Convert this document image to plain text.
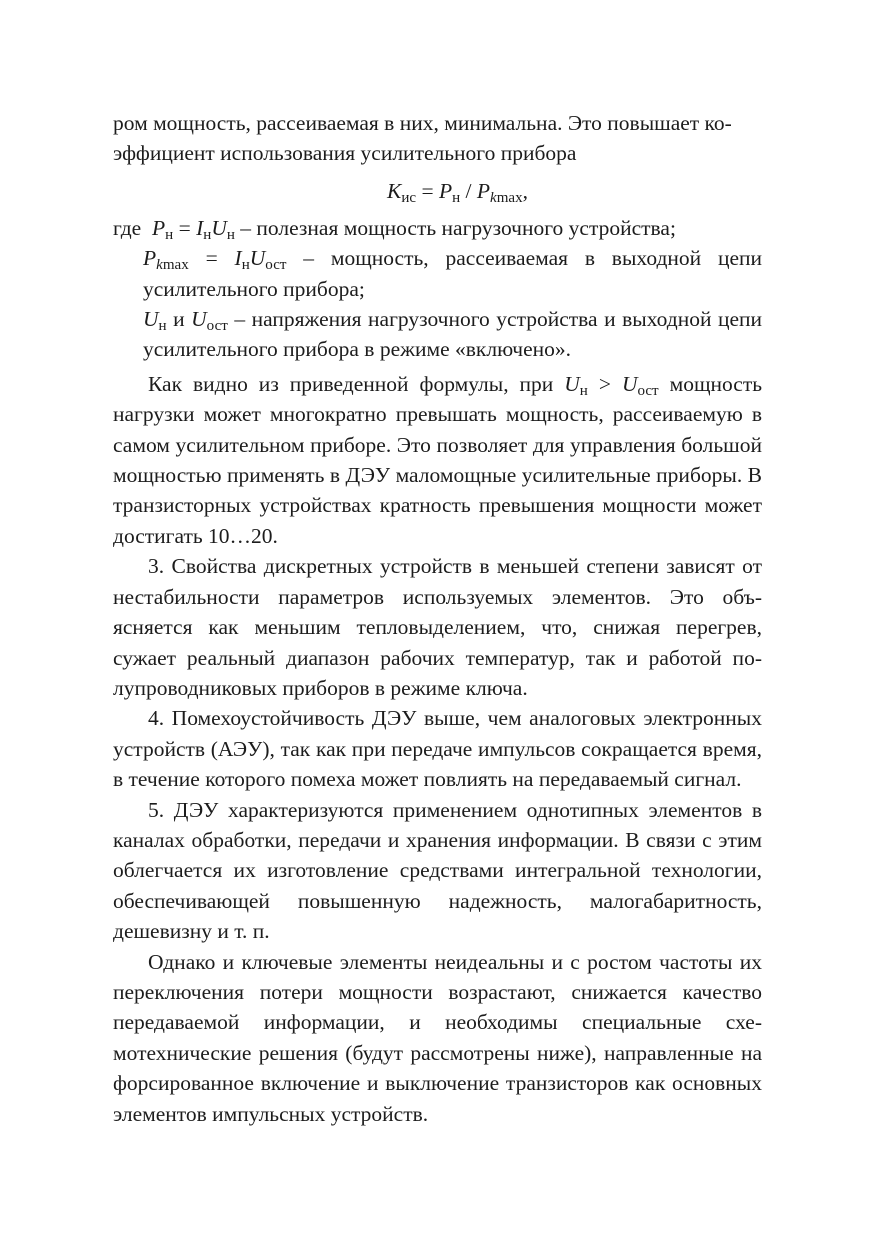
ром мощность, рассеиваемая в них, минимальна. Это повышает ко-
эффициент использования усилительного прибора

$K_{ис} = P_н / P_{kmax}$,

где $P_н = I_нU_н$ – полезная мощность нагрузочного устройства;

$P_{kmax} = I_нU_{ост}$ – мощность, рассеиваемая в выходной цепи усилительного прибора;

$U_н$ и $U_{ост}$ – напряжения нагрузочного устройства и выходной цепи усилительного прибора в режиме «включено».

Как видно из приведенной формулы, при $U_н > U_{ост}$ мощность нагрузки может многократно превышать мощность, рассеиваемую в самом усилительном приборе. Это позволяет для управления большой мощностью применять в ДЭУ маломощные усилительные приборы. В транзисторных устройствах кратность превышения мощности может достигать 10…20.

3. Свойства дискретных устройств в меньшей степени зависят от нестабильности параметров используемых элементов. Это объясняется как меньшим тепловыделением, что, снижая перегрев, сужает реальный диапазон рабочих температур, так и работой полупроводниковых приборов в режиме ключа.

4. Помехоустойчивость ДЭУ выше, чем аналоговых электронных устройств (АЭУ), так как при передаче импульсов сокращается время, в течение которого помеха может повлиять на передаваемый сигнал.

5. ДЭУ характеризуются применением однотипных элементов в каналах обработки, передачи и хранения информации. В связи с этим облегчается их изготовление средствами интегральной технологии, обеспечивающей повышенную надежность, малогабаритность, дешевизну и т. п.

Однако и ключевые элементы неидеальны и с ростом частоты их переключения потери мощности возрастают, снижается качество передаваемой информации, и необходимы специальные схемотехнические решения (будут рассмотрены ниже), направленные на форсированное включение и выключение транзисторов как основных элементов импульсных устройств.
